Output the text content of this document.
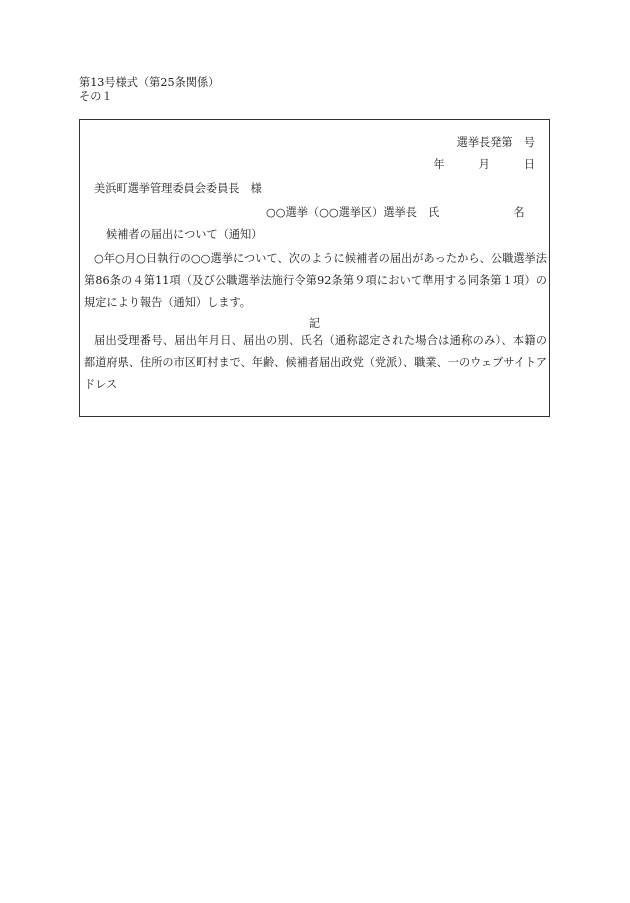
第13号様式（第25条関係）
その１
選挙長発第　号
年	月	日
美浜町選挙管理委員会委員長　様
○○選挙（○○選挙区）選挙長　氏	名
候補者の届出について（通知）
○年○月○日執行の○○選挙について、次のように候補者の届出があったから、公職選挙法第86条の４第11項（及び公職選挙法施行令第92条第９項において準用する同条第１項）の規定により報告（通知）します。
記
届出受理番号、届出年月日、届出の別、氏名（通称認定された場合は通称のみ）、本籍の都道府県、住所の市区町村まで、年齢、候補者届出政党（党派）、職業、一のウェブサイトアドレス
